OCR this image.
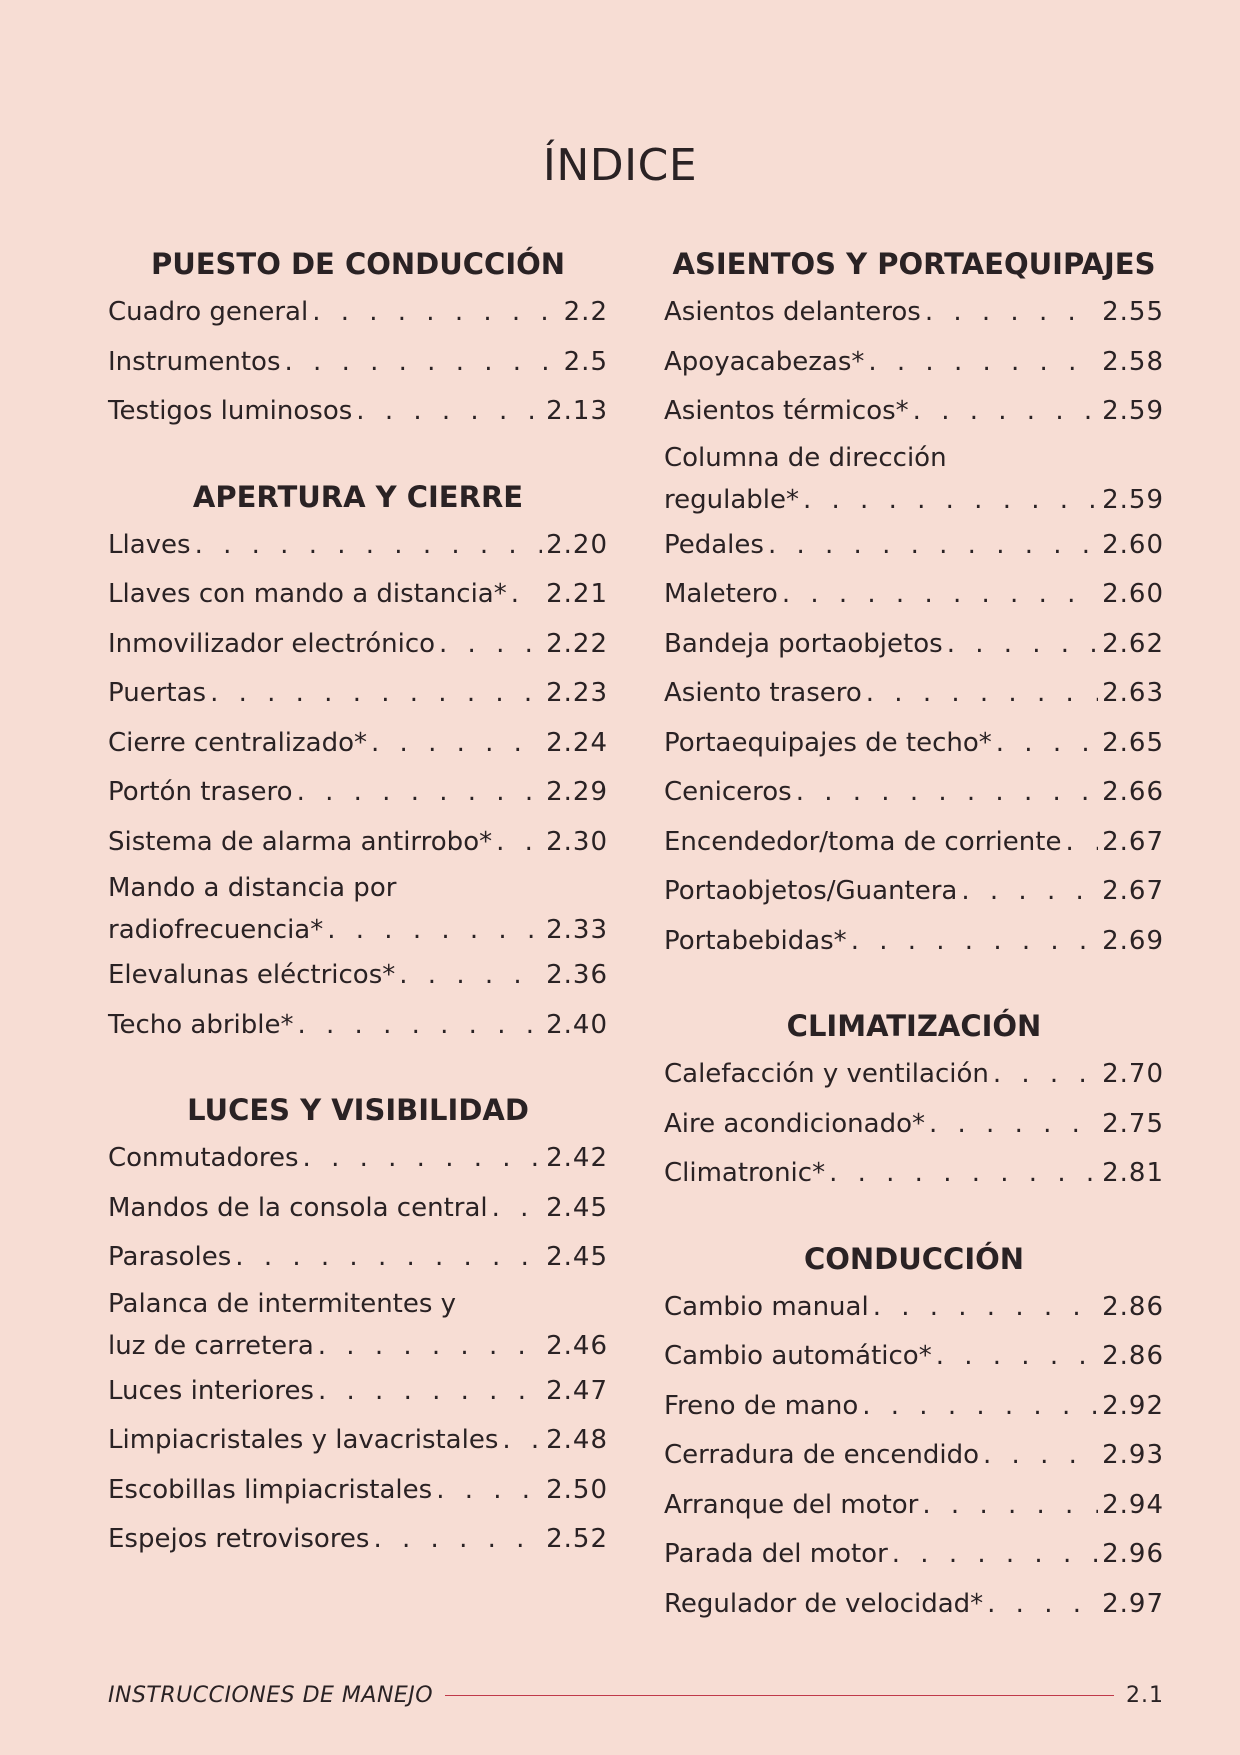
ÍNDICE
PUESTO DE CONDUCCIÓN
Cuadro general . . .	2.2
Instrumentos . . .	2.5
Testigos luminosos . . .	2.13
APERTURA Y CIERRE
Llaves . . .	2.20
Llaves con mando a distancia* . . . 2.21
Inmovilizador electrónico . . .	2.22
Puertas . . .	2.23
Cierre centralizado* . . .	2.24
Portón trasero . . .	2.29
Sistema de alarma antirrobo* . . . 2.30
Mando a distancia por
radiofrecuencia* . . .	2.33
Elevalunas eléctricos* . . .	2.36
Techo abrible* . . .	2.40
LUCES Y VISIBILIDAD
Conmutadores . . .	2.42
Mandos de la consola central . . . 2.45
Parasoles . . .	2.45
Palanca de intermitentes y
luz de carretera . . .	2.46
Luces interiores . . .	2.47
Limpiacristales y lavacristales . . . 2.48
Escobillas limpiacristales . . .	2.50
Espejos retrovisores . . .	2.52
ASIENTOS Y PORTAEQUIPAJES
Asientos delanteros . . .	2.55
Apoyacabezas* . . .	2.58
Asientos térmicos* . . .	2.59
Columna de dirección
regulable* . . .	2.59
Pedales . . .	2.60
Maletero . . .	2.60
Bandeja portaobjetos . . .	2.62
Asiento trasero . . .	2.63
Portaequipajes de techo* . . .	2.65
Ceniceros . . .	2.66
Encendedor/toma de corriente . . . 2.67
Portaobjetos/Guantera . . .	2.67
Portabebidas* . . .	2.69
CLIMATIZACIÓN
Calefacción y ventilación . . .	2.70
Aire acondicionado* . . .	2.75
Climatronic* . . .	2.81
CONDUCCIÓN
Cambio manual . . .	2.86
Cambio automático* . . .	2.86
Freno de mano . . .	2.92
Cerradura de encendido . . .	2.93
Arranque del motor . . .	2.94
Parada del motor . . .	2.96
Regulador de velocidad* . . .	2.97
INSTRUCCIONES DE MANEJO	2.1
